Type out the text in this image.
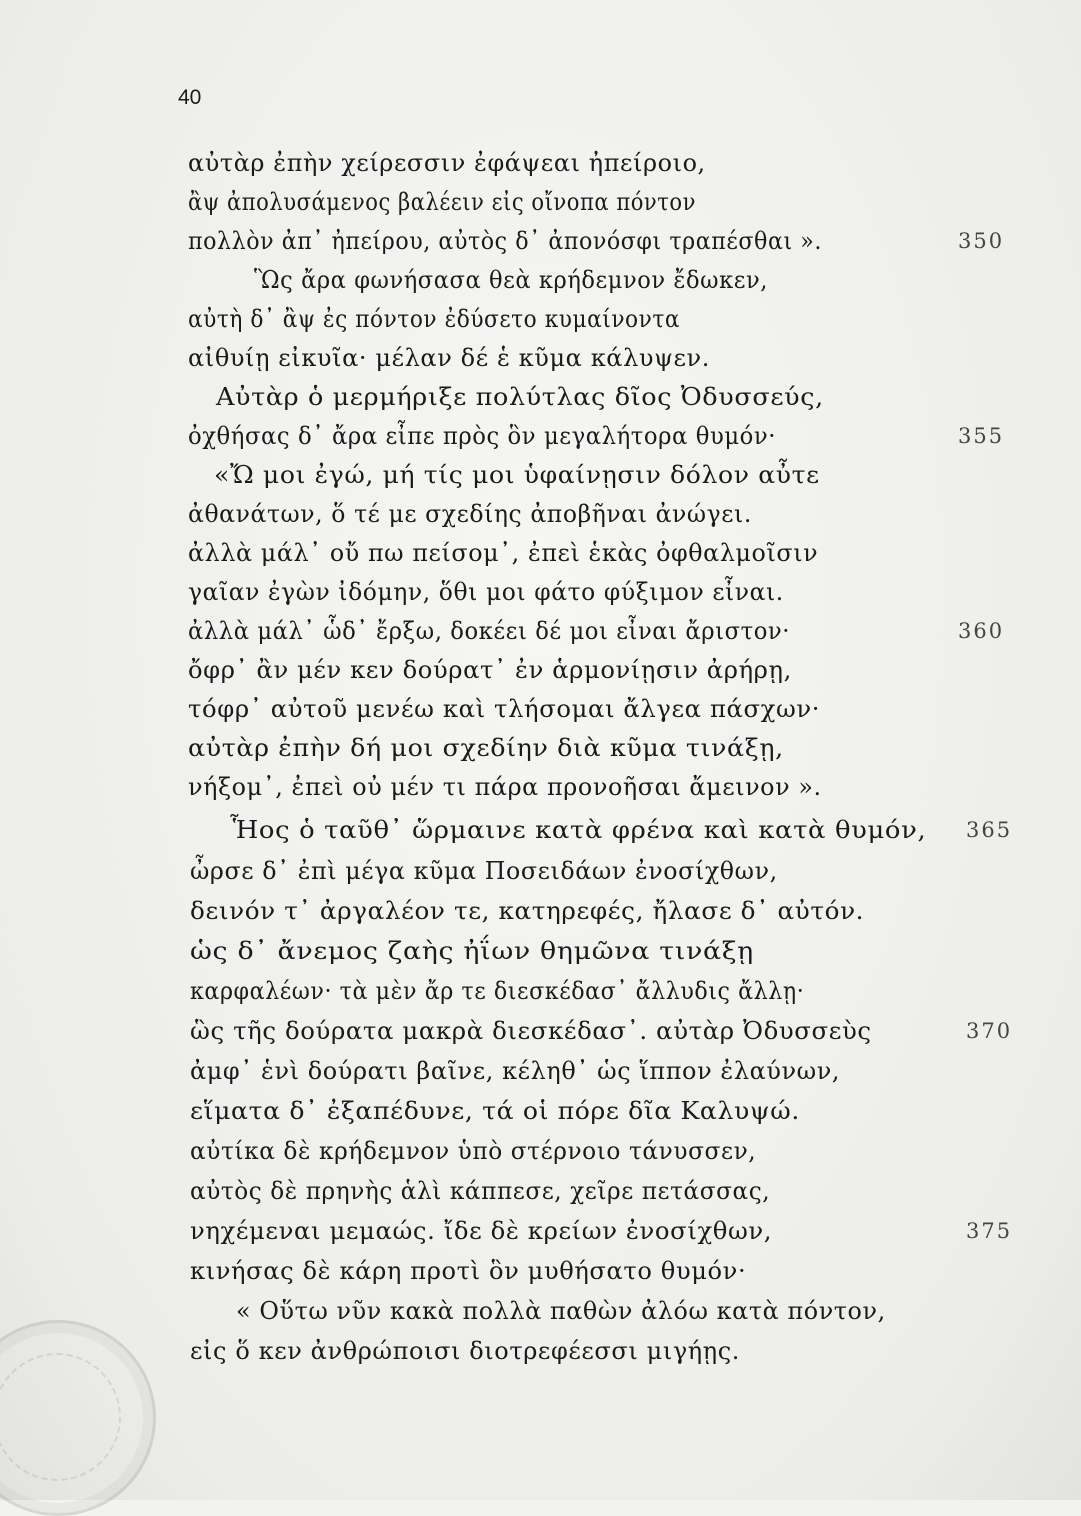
40
αὐτὰρ ἐπὴν χείρεσσιν ἐφάψεαι ἠπείροιο,
ἂψ ἀπολυσάμενος βαλέειν εἰς οἴνοπα πόντον
πολλὸν ἀπ᾽ ἠπείρου, αὐτὸς δ᾽ ἀπονόσφι τραπέσθαι ».	350
Ὣς ἄρα φωνήσασα θεὰ κρήδεμνον ἔδωκεν,
αὐτὴ δ᾽ ἂψ ἐς πόντον ἐδύσετο κυμαίνοντα
αἰθυίῃ εἰκυῖα· μέλαν δέ ἑ κῦμα κάλυψεν.
Αὐτὰρ ὁ μερμήριξε πολύτλας δῖος Ὀδυσσεύς,
ὀχθήσας δ᾽ ἄρα εἶπε πρὸς ὃν μεγαλήτορα θυμόν·	355
«Ὤ μοι ἐγώ, μή τίς μοι ὑφαίνῃσιν δόλον αὖτε
ἀθανάτων, ὅ τέ με σχεδίης ἀποβῆναι ἀνώγει.
ἀλλὰ μάλ᾽ οὔ πω πείσομ᾽, ἐπεὶ ἑκὰς ὀφθαλμοῖσιν
γαῖαν ἐγὼν ἰδόμην, ὅθι μοι φάτο φύξιμον εἶναι.
ἀλλὰ μάλ᾽ ὧδ᾽ ἔρξω, δοκέει δέ μοι εἶναι ἄριστον·	360
ὄφρ᾽ ἂν μέν κεν δούρατ᾽ ἐν ἁρμονίῃσιν ἀρήρῃ,
τόφρ᾽ αὐτοῦ μενέω καὶ τλήσομαι ἄλγεα πάσχων·
αὐτὰρ ἐπὴν δή μοι σχεδίην διὰ κῦμα τινάξῃ,
νήξομ᾽, ἐπεὶ οὐ μέν τι πάρα προνοῆσαι ἄμεινον ».
Ἧος ὁ ταῦθ᾽ ὥρμαινε κατὰ φρένα καὶ κατὰ θυμόν, 365
ὦρσε δ᾽ ἐπὶ μέγα κῦμα Ποσειδάων ἐνοσίχθων,
δεινόν τ᾽ ἀργαλέον τε, κατηρεφές, ἤλασε δ᾽ αὐτόν.
ὡς δ᾽ ἄνεμος ζαὴς ἠΐων θημῶνα τινάξῃ
καρφαλέων· τὰ μὲν ἄρ τε διεσκέδασ᾽ ἄλλυδις ἄλλῃ·
ὣς τῆς δούρατα μακρὰ διεσκέδασ᾽. αὐτὰρ Ὀδυσσεὺς	370
ἀμφ᾽ ἑνὶ δούρατι βαῖνε, κέληθ᾽ ὡς ἵππον ἐλαύνων,
εἵματα δ᾽ ἐξαπέδυνε, τά οἱ πόρε δῖα Καλυψώ.
αὐτίκα δὲ κρήδεμνον ὑπὸ στέρνοιο τάνυσσεν,
αὐτὸς δὲ πρηνὴς ἁλὶ κάππεσε, χεῖρε πετάσσας,
νηχέμεναι μεμαώς. ἴδε δὲ κρείων ἐνοσίχθων,	375
κινήσας δὲ κάρη προτὶ ὃν μυθήσατο θυμόν·
« Οὕτω νῦν κακὰ πολλὰ παθὼν ἀλόω κατὰ πόντον,
εἰς ὅ κεν ἀνθρώποισι διοτρεφέεσσι μιγήῃς.
